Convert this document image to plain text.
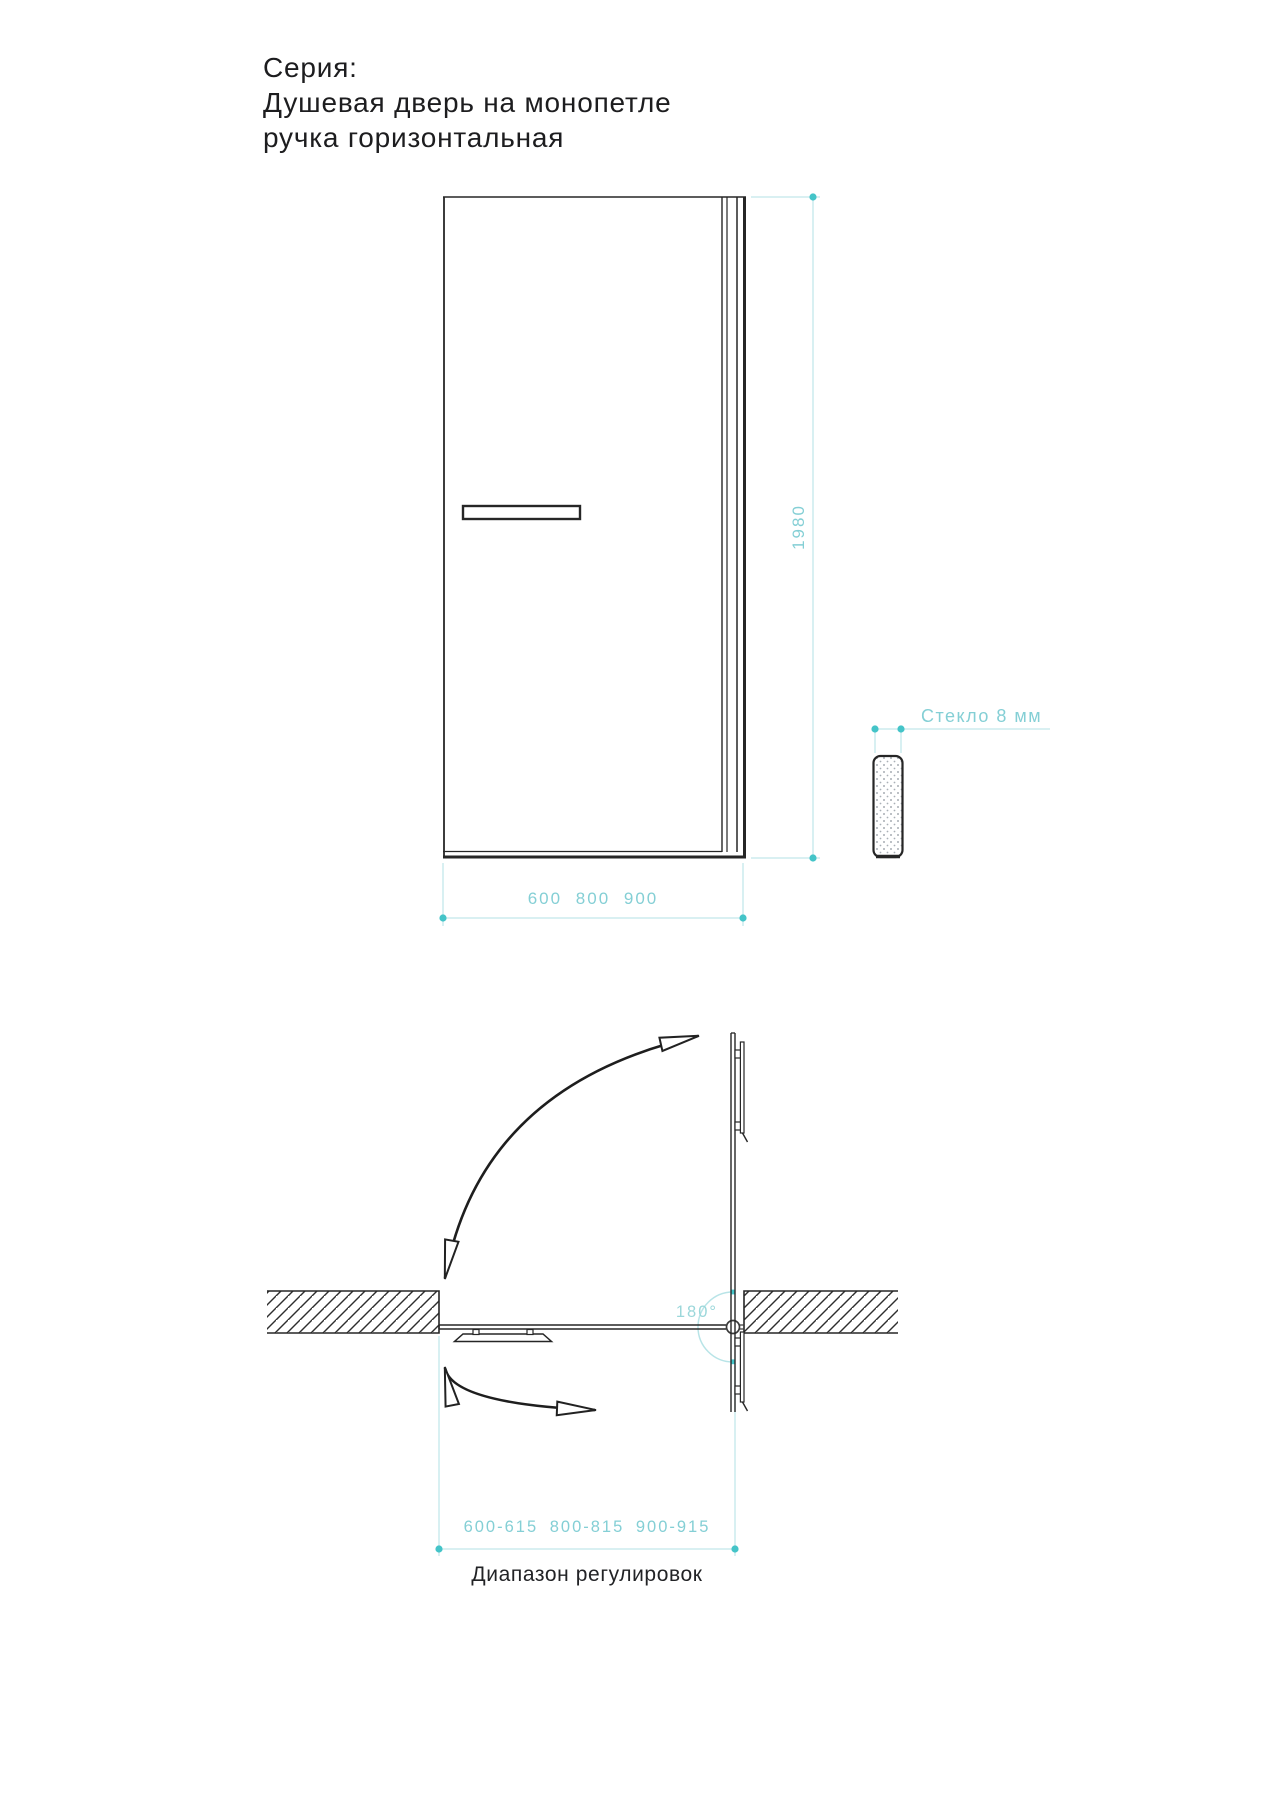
Серия:
Душевая дверь на монопетле
ручка горизонтальная
1980
600 800 900
Стекло 8 мм
180°
600-615 800-815 900-915
Диапазон регулировок
